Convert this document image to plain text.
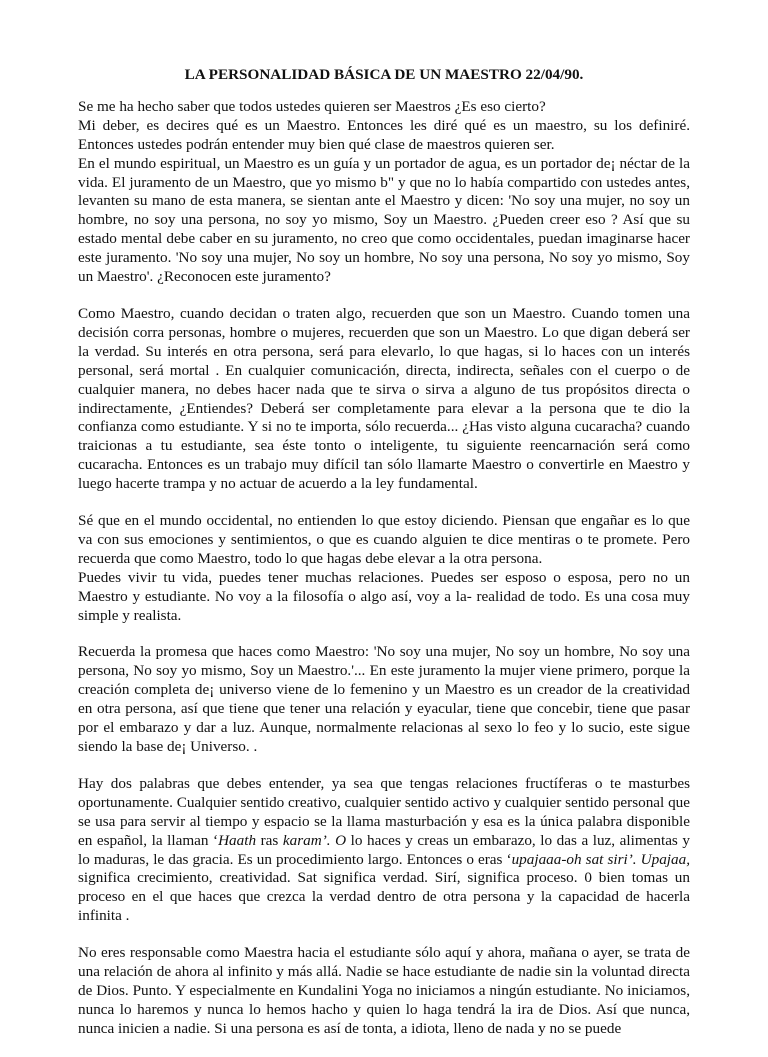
LA PERSONALIDAD BÁSICA DE UN MAESTRO 22/04/90.
Se me ha hecho saber que todos ustedes quieren ser Maestros ¿Es eso cierto?
Mi deber, es decires qué es un Maestro. Entonces les diré qué es un maestro, su los definiré. Entonces ustedes podrán entender muy bien qué clase de maestros quieren ser.
En el mundo espiritual, un Maestro es un guía y un portador de agua, es un portador de¡ néctar de la vida. El juramento de un Maestro, que yo mismo b" y que no lo había compartido con ustedes antes, levanten su mano de esta manera, se sientan ante el Maestro y dicen: 'No soy una mujer, no soy un hombre, no soy una persona, no soy yo mismo, Soy un Maestro. ¿Pueden creer eso ? Así que su estado mental debe caber en su juramento, no creo que como occidentales, puedan imaginarse hacer este juramento. 'No soy una mujer, No soy un hombre, No soy una persona, No soy yo mismo, Soy un Maestro'. ¿Reconocen este juramento?
Como Maestro, cuando decidan o traten algo, recuerden que son un Maestro. Cuando tomen una decisión corra personas, hombre o mujeres, recuerden que son un Maestro. Lo que digan deberá ser la verdad. Su interés en otra persona, será para elevarlo, lo que hagas, si lo haces con un interés personal, será mortal . En cualquier comunicación, directa, indirecta, señales con el cuerpo o de cualquier manera, no debes hacer nada que te sirva o sirva a alguno de tus propósitos directa o indirectamente, ¿Entiendes? Deberá ser completamente para elevar a la persona que te dio la confianza como estudiante. Y si no te importa, sólo recuerda... ¿Has visto alguna cucaracha? cuando traicionas a tu estudiante, sea éste tonto o inteligente, tu siguiente reencarnación será como cucaracha. Entonces es un trabajo muy difícil tan sólo llamarte Maestro o convertirle en Maestro y luego hacerte trampa y no actuar de acuerdo a la ley fundamental.
Sé que en el mundo occidental, no entienden lo que estoy diciendo. Piensan que engañar es lo que va con sus emociones y sentimientos, o que es cuando alguien te dice mentiras o te promete. Pero recuerda que como Maestro, todo lo que hagas debe elevar a la otra persona.
Puedes vivir tu vida, puedes tener muchas relaciones. Puedes ser esposo o esposa, pero no un Maestro y estudiante. No voy a la filosofía o algo así, voy a la- realidad de todo. Es una cosa muy simple y realista.
Recuerda la promesa que haces como Maestro: 'No soy una mujer, No soy un hombre, No soy una persona, No soy yo mismo, Soy un Maestro.'... En este juramento la mujer viene primero, porque la creación completa de¡ universo viene de lo femenino y un Maestro es un creador de la creatividad en otra persona, así que tiene que tener una relación y eyacular, tiene que concebir, tiene que pasar por el embarazo y dar a luz. Aunque, normalmente relacionas al sexo lo feo y lo sucio, este sigue siendo la base de¡ Universo. .
Hay dos palabras que debes entender, ya sea que tengas relaciones fructíferas o te masturbes oportunamente. Cualquier sentido creativo, cualquier sentido activo y cualquier sentido personal que se usa para servir al tiempo y espacio se la llama masturbación y esa es la única palabra disponible en español, la llaman ‘Haath ras karam’. O lo haces y creas un embarazo, lo das a luz, alimentas y lo maduras, le das gracia. Es un procedimiento largo. Entonces o eras ‘upajaaa-oh sat siri’. Upajaa, significa crecimiento, creatividad. Sat significa verdad. Sirí, significa proceso. 0 bien tomas un proceso en el que haces que crezca la verdad dentro de otra persona y la capacidad de hacerla infinita .
No eres responsable como Maestra hacia el estudiante sólo aquí y ahora, mañana o ayer, se trata de una relación de ahora al infinito y más allá. Nadie se hace estudiante de nadie sin la voluntad directa de Dios. Punto. Y especialmente en Kundalini Yoga no iniciamos a ningún estudiante. No iniciamos, nunca lo haremos y nunca lo hemos hacho y quien lo haga tendrá la ira de Dios. Así que nunca, nunca inicien a nadie. Si una persona es así de tonta, a idiota, lleno de nada y no se puede
